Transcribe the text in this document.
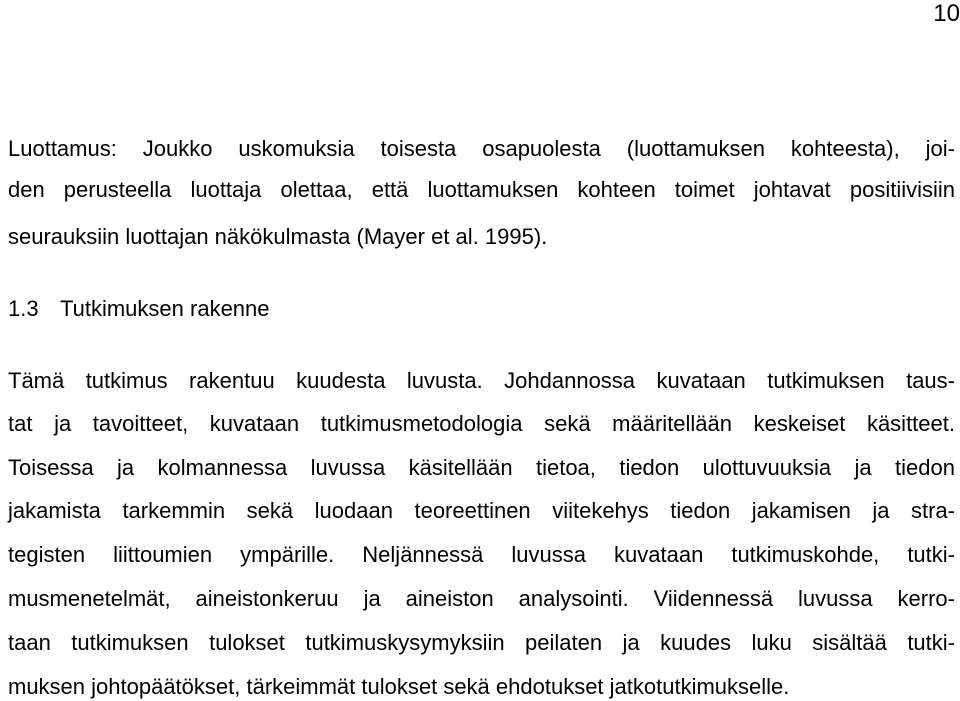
10
Luottamus: Joukko uskomuksia toisesta osapuolesta (luottamuksen kohteesta), joi-
den perusteella luottaja olettaa, että luottamuksen kohteen toimet johtavat positiivisiin
seurauksiin luottajan näkökulmasta (Mayer et al. 1995).
1.3 Tutkimuksen rakenne
Tämä tutkimus rakentuu kuudesta luvusta. Johdannossa kuvataan tutkimuksen taus-
tat ja tavoitteet, kuvataan tutkimusmetodologia sekä määritellään keskeiset käsitteet.
Toisessa ja kolmannessa luvussa käsitellään tietoa, tiedon ulottuvuuksia ja tiedon
jakamista tarkemmin sekä luodaan teoreettinen viitekehys tiedon jakamisen ja stra-
tegisten liittoumien ympärille. Neljännessä luvussa kuvataan tutkimuskohde, tutki-
musmenetelmät, aineistonkeruu ja aineiston analysointi. Viidennessä luvussa kerro-
taan tutkimuksen tulokset tutkimuskysymyksiin peilaten ja kuudes luku sisältää tutki-
muksen johtopäätökset, tärkeimmät tulokset sekä ehdotukset jatkotutkimukselle.
